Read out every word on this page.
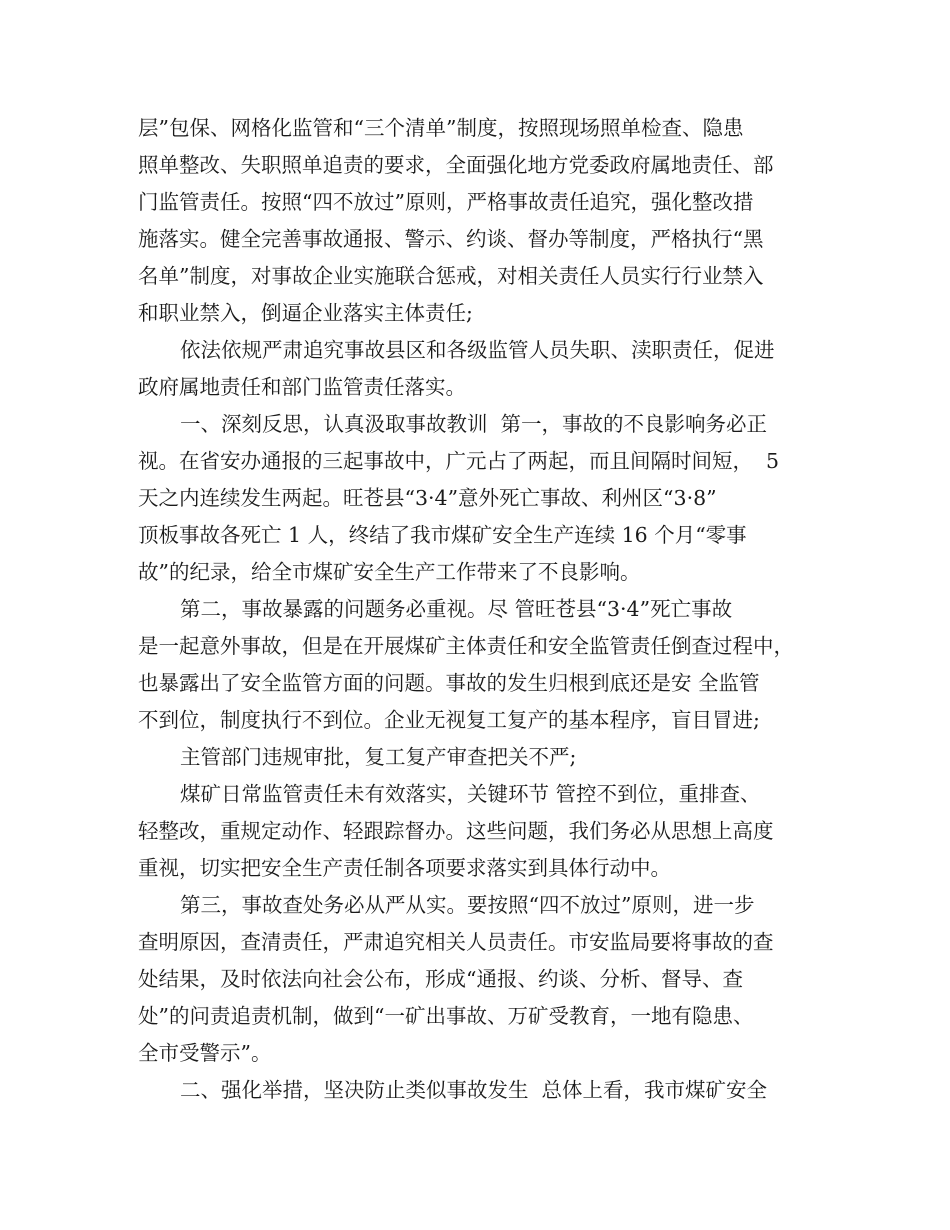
层”包保、网格化监管和“三个清单”制度，按照现场照单检查、隐患
照单整改、失职照单追责的要求，全面强化地方党委政府属地责任、部
门监管责任。按照“四不放过”原则，严格事故责任追究，强化整改措
施落实。健全完善事故通报、警示、约谈、督办等制度，严格执行“黑
名单”制度，对事故企业实施联合惩戒，对相关责任人员实行行业禁入
和职业禁入，倒逼企业落实主体责任;
依法依规严肃追究事故县区和各级监管人员失职、渎职责任，促进
政府属地责任和部门监管责任落实。
一、深刻反思，认真汲取事故教训  第一，事故的不良影响务必正
视。在省安办通报的三起事故中，广元占了两起，而且间隔时间短，  5
天之内连续发生两起。旺苍县“3·4”意外死亡事故、利州区“3·8”
顶板事故各死亡 1 人，终结了我市煤矿安全生产连续 16 个月“零事
故”的纪录，给全市煤矿安全生产工作带来了不良影响。
第二，事故暴露的问题务必重视。尽 管旺苍县“3·4”死亡事故
是一起意外事故，但是在开展煤矿主体责任和安全监管责任倒查过程中，
也暴露出了安全监管方面的问题。事故的发生归根到底还是安 全监管
不到位，制度执行不到位。企业无视复工复产的基本程序，盲目冒进;
主管部门违规审批，复工复产审查把关不严;
煤矿日常监管责任未有效落实，关键环节 管控不到位，重排查、
轻整改，重规定动作、轻跟踪督办。这些问题，我们务必从思想上高度
重视，切实把安全生产责任制各项要求落实到具体行动中。
第三，事故查处务必从严从实。要按照“四不放过”原则，进一步
查明原因，查清责任，严肃追究相关人员责任。市安监局要将事故的查
处结果，及时依法向社会公布，形成“通报、约谈、分析、督导、查
处”的问责追责机制，做到“一矿出事故、万矿受教育，一地有隐患、
全市受警示”。
二、强化举措，坚决防止类似事故发生  总体上看，我市煤矿安全
